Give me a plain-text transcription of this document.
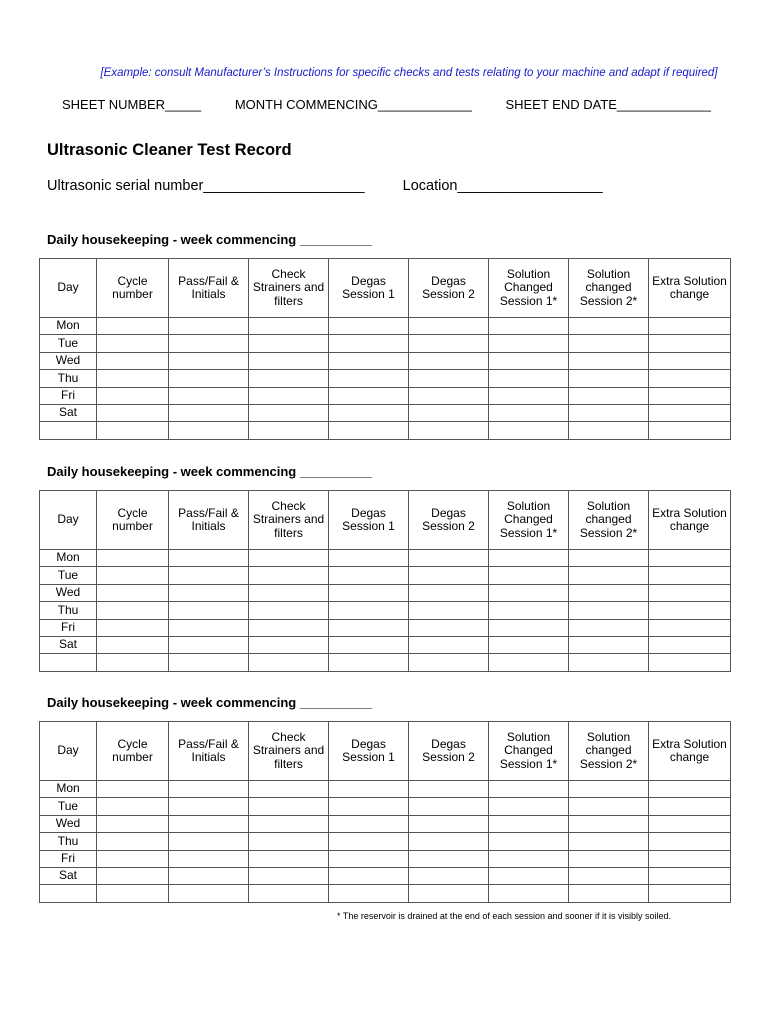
[Example: consult Manufacturer’s Instructions for specific checks and tests relating to your machine and adapt if required]
SHEET NUMBER_____	MONTH COMMENCING_____________	SHEET END DATE_____________
Ultrasonic Cleaner Test Record
Ultrasonic serial number____________________	Location__________________
Daily housekeeping - week commencing __________
Day	Cycle number	Pass/Fail & Initials	Check Strainers and filters	Degas Session 1	Degas Session 2	Solution Changed Session 1*	Solution changed Session 2*	Extra Solution change
Mon								
Tue								
Wed								
Thu								
Fri								
Sat								

Daily housekeeping - week commencing __________
Day	Cycle number	Pass/Fail & Initials	Check Strainers and filters	Degas Session 1	Degas Session 2	Solution Changed Session 1*	Solution changed Session 2*	Extra Solution change
Mon								
Tue								
Wed								
Thu								
Fri								
Sat								

Daily housekeeping - week commencing __________
Day	Cycle number	Pass/Fail & Initials	Check Strainers and filters	Degas Session 1	Degas Session 2	Solution Changed Session 1*	Solution changed Session 2*	Extra Solution change
Mon								
Tue								
Wed								
Thu								
Fri								
Sat								

* The reservoir is drained at the end of each session and sooner if it is visibly soiled.
